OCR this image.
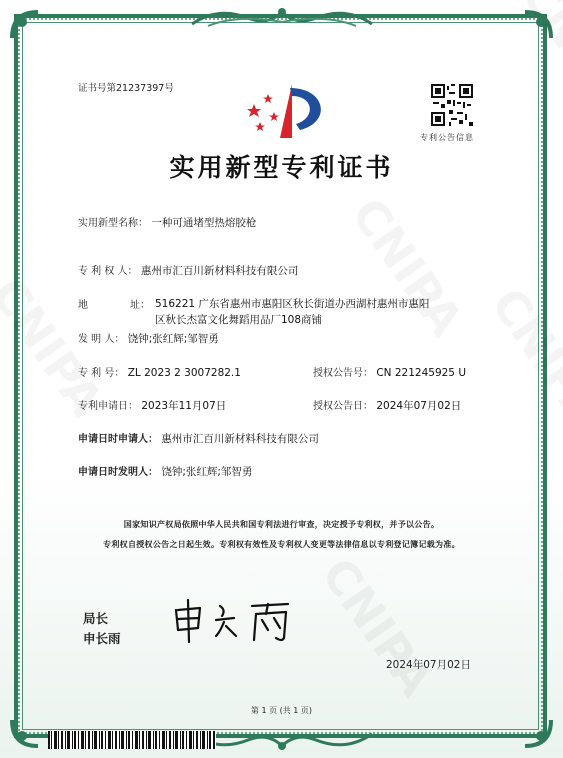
证书号第21237397号
专利公告信息
实用新型专利证书
实用新型名称： 一种可通堵型热熔胶枪
专 利 权 人： 惠州市汇百川新材料科技有限公司
地	址： 516221 广东省惠州市惠阳区秋长街道办西湖村惠州市惠阳
区秋长杰富文化舞蹈用品厂108商铺
发 明 人： 饶钟;张红辉;邹智勇
专 利 号： ZL 2023 2 3007282.1	授权公告号： CN 221245925 U
专利申请日： 2023年11月07日	授权公告日： 2024年07月02日
申请日时申请人： 惠州市汇百川新材料科技有限公司
申请日时发明人： 饶钟;张红辉;邹智勇
国家知识产权局依照中华人民共和国专利法进行审查，决定授予专利权，并予以公告。
专利权自授权公告之日起生效。专利权有效性及专利权人变更等法律信息以专利登记簿记载为准。
局长
申长雨
2024年07月02日
第 1 页 (共 1 页)
